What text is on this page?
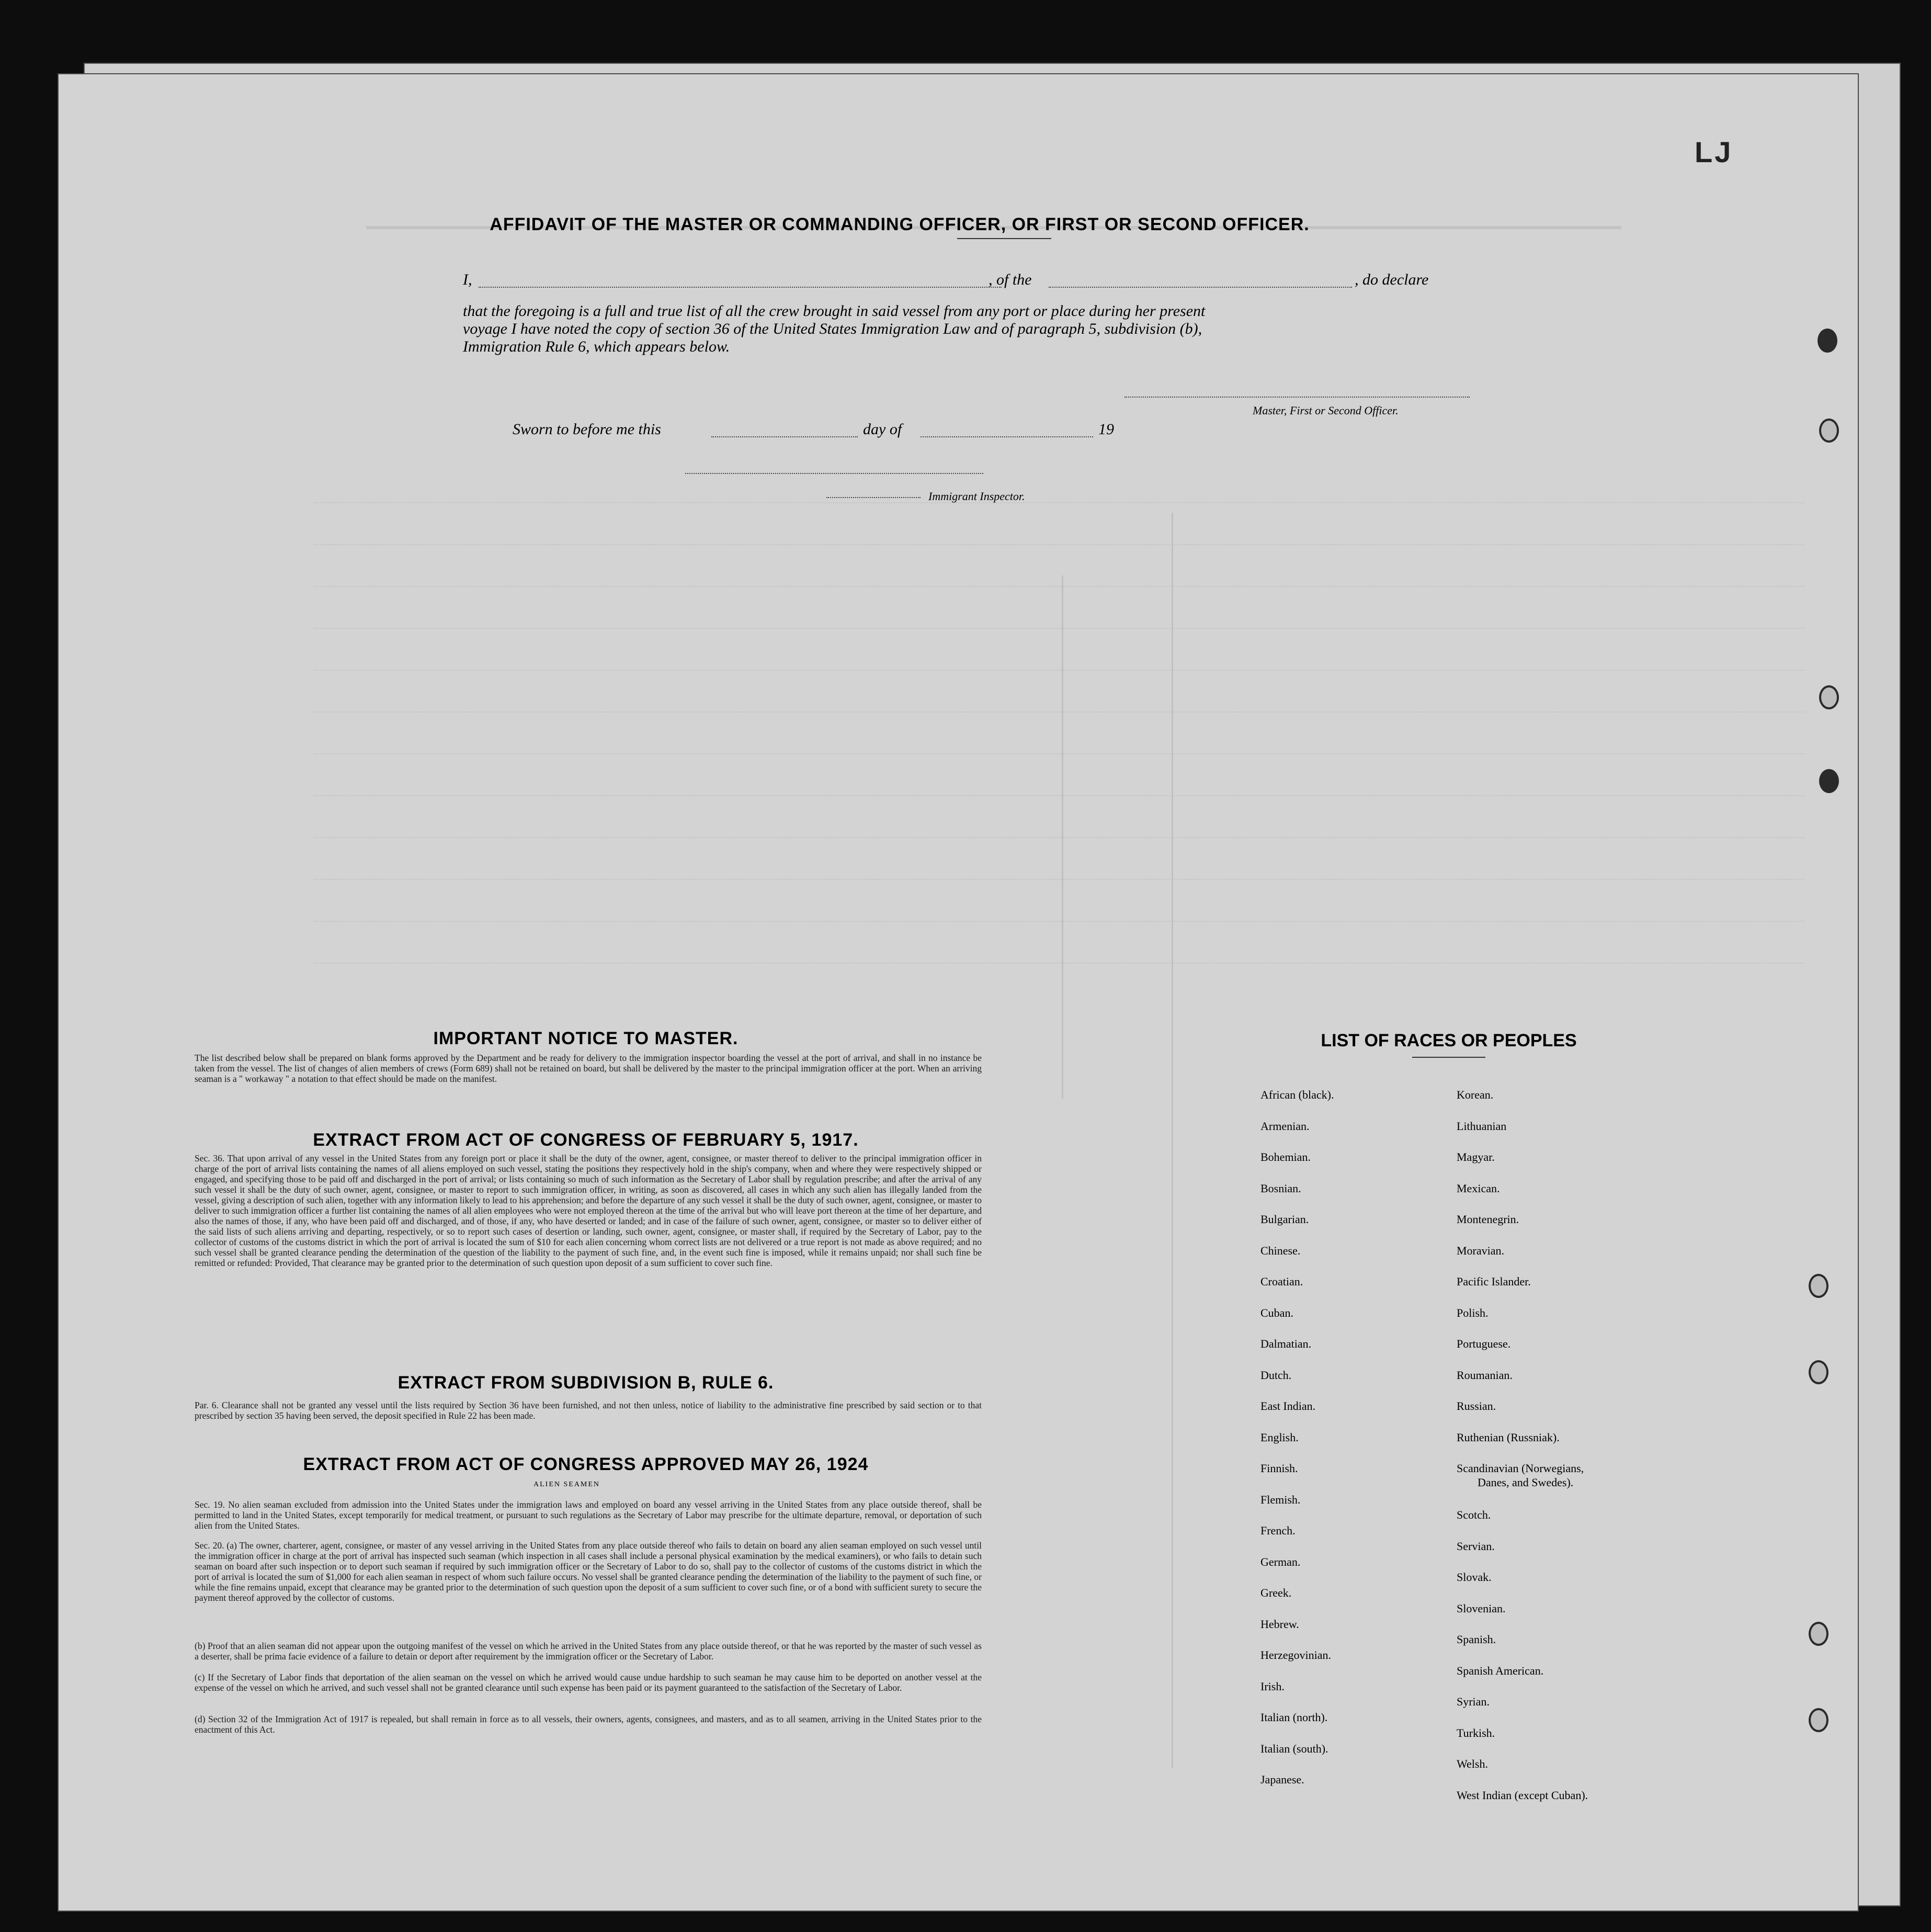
LJ
AFFIDAVIT OF THE MASTER OR COMMANDING OFFICER, OR FIRST OR SECOND OFFICER.
I,	, of the	, do declare
that the foregoing is a full and true list of all the crew brought in said vessel from any port or place during her present
voyage I have noted the copy of section 36 of the United States Immigration Law and of paragraph 5, subdivision (b),
Immigration Rule 6, which appears below.
Master, First or Second Officer.
Sworn to before me this	day of	19
Immigrant Inspector.
IMPORTANT NOTICE TO MASTER.

The list described below shall be prepared on blank forms approved by the Department and be ready for delivery to the immigration inspector boarding the vessel at the port of arrival, and shall in no instance be taken from the vessel. The list of changes of alien members of crews (Form 689) shall not be retained on board, but shall be delivered by the master to the principal immigration officer at the port. When an arriving seaman is a " workaway " a notation to that effect should be made on the manifest.

EXTRACT FROM ACT OF CONGRESS OF FEBRUARY 5, 1917.

Sec. 36. That upon arrival of any vessel in the United States from any foreign port or place it shall be the duty of the owner, agent, consignee, or master thereof to deliver to the principal immigration officer in charge of the port of arrival lists containing the names of all aliens employed on such vessel, stating the positions they respectively hold in the ship's company, when and where they were respectively shipped or engaged, and specifying those to be paid off and discharged in the port of arrival; or lists containing so much of such information as the Secretary of Labor shall by regulation prescribe; and after the arrival of any such vessel it shall be the duty of such owner, agent, consignee, or master to report to such immigration officer, in writing, as soon as discovered, all cases in which any such alien has illegally landed from the vessel, giving a description of such alien, together with any information likely to lead to his apprehension; and before the departure of any such vessel it shall be the duty of such owner, agent, consignee, or master to deliver to such immigration officer a further list containing the names of all alien employees who were not employed thereon at the time of the arrival but who will leave port thereon at the time of her departure, and also the names of those, if any, who have been paid off and discharged, and of those, if any, who have deserted or landed; and in case of the failure of such owner, agent, consignee, or master so to deliver either of the said lists of such aliens arriving and departing, respectively, or so to report such cases of desertion or landing, such owner, agent, consignee, or master shall, if required by the Secretary of Labor, pay to the collector of customs of the customs district in which the port of arrival is located the sum of $10 for each alien concerning whom correct lists are not delivered or a true report is not made as above required; and no such vessel shall be granted clearance pending the determination of the question of the liability to the payment of such fine, and, in the event such fine is imposed, while it remains unpaid; nor shall such fine be remitted or refunded: Provided, That clearance may be granted prior to the determination of such question upon deposit of a sum sufficient to cover such fine.

EXTRACT FROM SUBDIVISION B, RULE 6.

Par. 6. Clearance shall not be granted any vessel until the lists required by Section 36 have been furnished, and not then unless, notice of liability to the administrative fine prescribed by said section or to that prescribed by section 35 having been served, the deposit specified in Rule 22 has been made.

EXTRACT FROM ACT OF CONGRESS APPROVED MAY 26, 1924
ALIEN SEAMEN

Sec. 19. No alien seaman excluded from admission into the United States under the immigration laws and employed on board any vessel arriving in the United States from any place outside thereof, shall be permitted to land in the United States, except temporarily for medical treatment, or pursuant to such regulations as the Secretary of Labor may prescribe for the ultimate departure, removal, or deportation of such alien from the United States.

Sec. 20. (a) The owner, charterer, agent, consignee, or master of any vessel arriving in the United States from any place outside thereof who fails to detain on board any alien seaman employed on such vessel until the immigration officer in charge at the port of arrival has inspected such seaman (which inspection in all cases shall include a personal physical examination by the medical examiners), or who fails to detain such seaman on board after such inspection or to deport such seaman if required by such immigration officer or the Secretary of Labor to do so, shall pay to the collector of customs of the customs district in which the port of arrival is located the sum of $1,000 for each alien seaman in respect of whom such failure occurs. No vessel shall be granted clearance pending the determination of the liability to the payment of such fine, or while the fine remains unpaid, except that clearance may be granted prior to the determination of such question upon the deposit of a sum sufficient to cover such fine, or of a bond with sufficient surety to secure the payment thereof approved by the collector of customs.

(b) Proof that an alien seaman did not appear upon the outgoing manifest of the vessel on which he arrived in the United States from any place outside thereof, or that he was reported by the master of such vessel as a deserter, shall be prima facie evidence of a failure to detain or deport after requirement by the immigration officer or the Secretary of Labor.

(c) If the Secretary of Labor finds that deportation of the alien seaman on the vessel on which he arrived would cause undue hardship to such seaman he may cause him to be deported on another vessel at the expense of the vessel on which he arrived, and such vessel shall not be granted clearance until such expense has been paid or its payment guaranteed to the satisfaction of the Secretary of Labor.

(d) Section 32 of the Immigration Act of 1917 is repealed, but shall remain in force as to all vessels, their owners, agents, consignees, and masters, and as to all seamen, arriving in the United States prior to the enactment of this Act.

LIST OF RACES OR PEOPLES
African (black).
Armenian.
Bohemian.
Bosnian.
Bulgarian.
Chinese.
Croatian.
Cuban.
Dalmatian.
Dutch.
East Indian.
English.
Finnish.
Flemish.
French.
German.
Greek.
Hebrew.
Herzegovinian.
Irish.
Italian (north).
Italian (south).
Japanese.
Korean.
Lithuanian
Magyar.
Mexican.
Montenegrin.
Moravian.
Pacific Islander.
Polish.
Portuguese.
Roumanian.
Russian.
Ruthenian (Russniak).
Scandinavian (Norwegians,
Danes, and Swedes).
Scotch.
Servian.
Slovak.
Slovenian.
Spanish.
Spanish American.
Syrian.
Turkish.
Welsh.
West Indian (except Cuban).
